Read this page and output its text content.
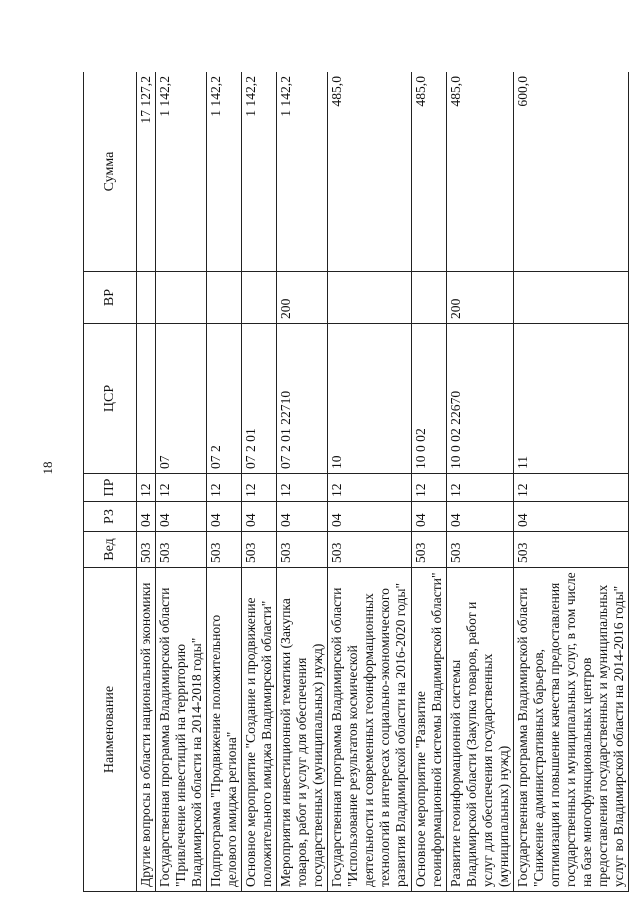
18
Наименование	Вед	РЗ	ПР	ЦСР	ВР	Сумма
Другие вопросы в области национальной экономики	503	04	12			17 127,2
Государственная программа Владимирской области "Привлечение инвестиций на территорию Владимирской области на 2014-2018 годы"	503	04	12	07		1 142,2
Подпрограмма "Продвижение положительного делового имиджа региона"	503	04	12	07 2		1 142,2
Основное мероприятие "Создание и продвижение положительного имиджа Владимирской области"	503	04	12	07 2 01		1 142,2
Мероприятия инвестиционной тематики (Закупка товаров, работ и услуг для обеспечения государственных (муниципальных) нужд)	503	04	12	07 2 01 22710	200	1 142,2
Государственная программа Владимирской области "Использование результатов космической деятельности и современных геоинформационных технологий в интересах социально-экономического развития Владимирской области на 2016-2020 годы"	503	04	12	10		485,0
Основное мероприятие "Развитие геоинформационной системы Владимирской области"	503	04	12	10 0 02		485,0
Развитие геоинформационной системы Владимирской области (Закупка товаров, работ и услуг для обеспечения государственных (муниципальных) нужд)	503	04	12	10 0 02 22670	200	485,0
Государственная программа Владимирской области "Снижение административных барьеров, оптимизация и повышение качества предоставления государственных и муниципальных услуг, в том числе на базе многофункциональных центров предоставления государственных и муниципальных услуг во Владимирской области на 2014-2016 годы"	503	04	12	11		600,0
